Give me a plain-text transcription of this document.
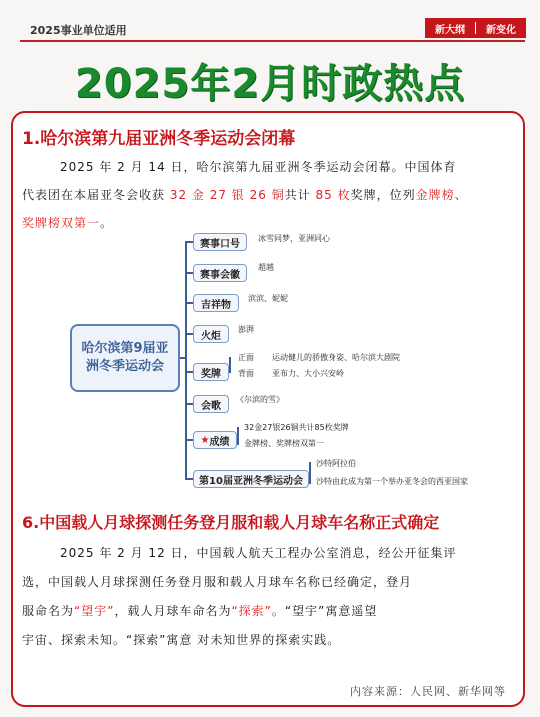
2025事业单位适用	新大纲 新变化
2025年2月时政热点
1.哈尔滨第九届亚洲冬季运动会闭幕
2025 年 2 月 14 日，哈尔滨第九届亚洲冬季运动会闭幕。中国体育
代表团在本届亚冬会收获 32 金 27 银 26 铜共计 85 枚奖牌，位列金牌榜、
奖牌榜双第一。
哈尔滨第9届亚洲冬季运动会
赛事口号	冰雪同梦，亚洲同心
赛事会徽
超越
吉祥物
滨滨、妮妮
火炬
澎湃
奖牌
正面 运动健儿的骄傲身姿、哈尔滨大剧院
背面 亚布力、大小兴安岭
会歌
《尔滨的雪》
★ 成绩
32金27银26铜共计85枚奖牌
金牌榜、奖牌榜双第一
第10届亚洲冬季运动会
沙特阿拉伯
沙特由此成为第一个举办亚冬会的西亚国家
6.中国载人月球探测任务登月服和载人月球车名称正式确定
2025 年 2 月 12 日，中国载人航天工程办公室消息，经公开征集评
选，中国载人月球探测任务登月服和载人月球车名称已经确定，登月
服命名为“望宇”，载人月球车命名为“探索”。“望宇”寓意遥望
宇宙、探索未知。“探索”寓意 对未知世界的探索实践。
内容来源：人民网、新华网等
